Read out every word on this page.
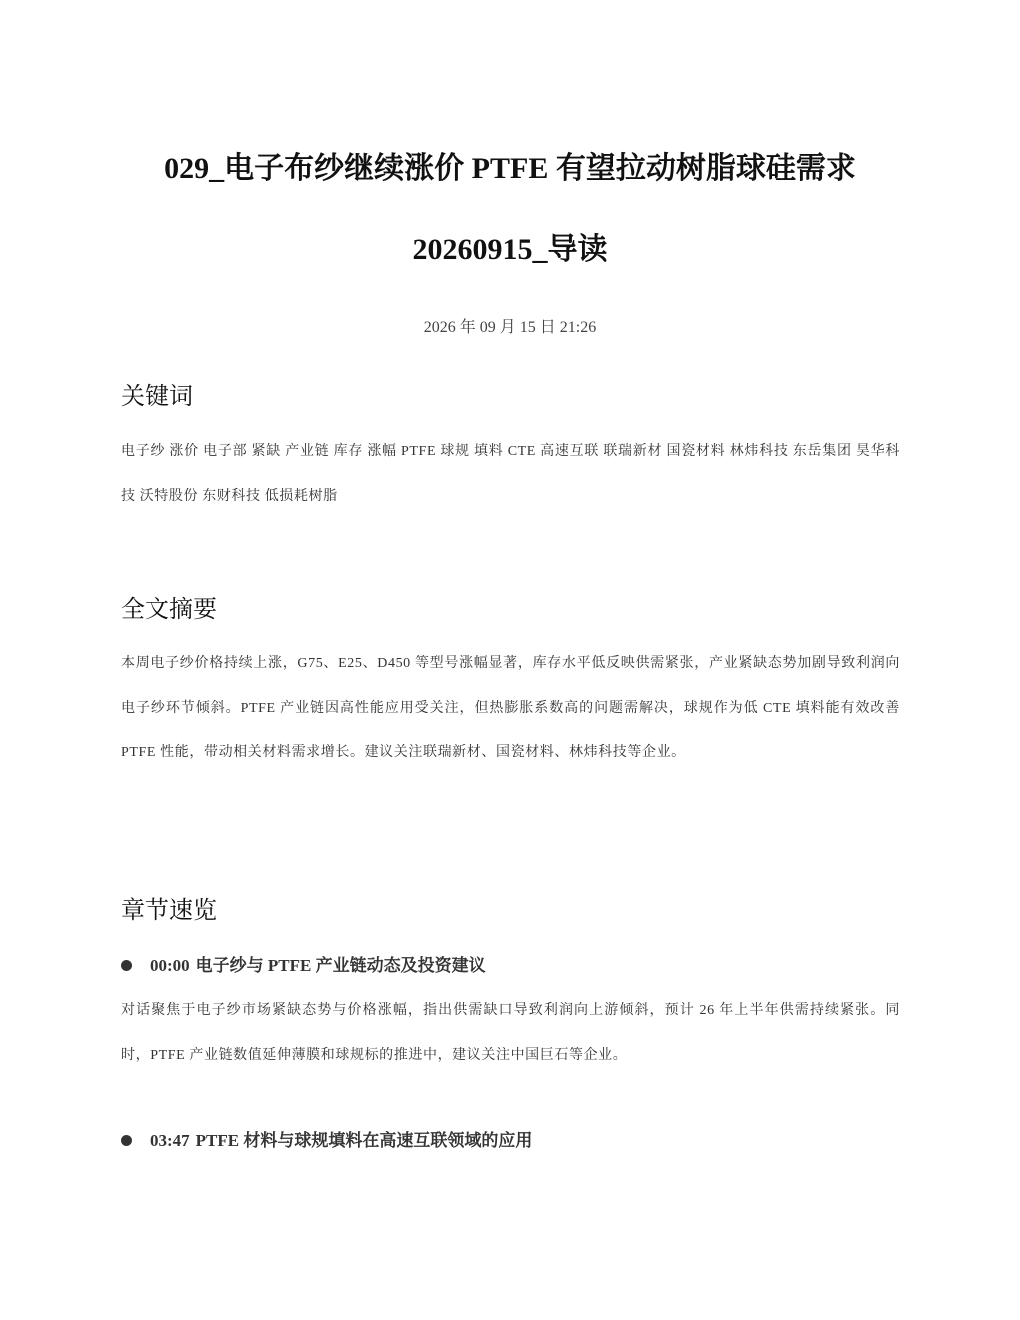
029_电子布纱继续涨价 PTFE 有望拉动树脂球硅需求
20260915_导读
2026 年 09 月 15 日 21:26
关键词
电子纱 涨价 电子部 紧缺 产业链 库存 涨幅 PTFE 球规 填料 CTE 高速互联 联瑞新材 国瓷材料 林炜科技 东岳集团 昊华科技 沃特股份 东财科技 低损耗树脂
全文摘要
本周电子纱价格持续上涨，G75、E25、D450 等型号涨幅显著，库存水平低反映供需紧张，产业紧缺态势加剧导致利润向电子纱环节倾斜。PTFE 产业链因高性能应用受关注，但热膨胀系数高的问题需解决，球规作为低 CTE 填料能有效改善 PTFE 性能，带动相关材料需求增长。建议关注联瑞新材、国瓷材料、林炜科技等企业。
章节速览
00:00 电子纱与 PTFE 产业链动态及投资建议
对话聚焦于电子纱市场紧缺态势与价格涨幅，指出供需缺口导致利润向上游倾斜，预计 26 年上半年供需持续紧张。同时，PTFE 产业链数值延伸薄膜和球规标的推进中，建议关注中国巨石等企业。
03:47 PTFE 材料与球规填料在高速互联领域的应用
